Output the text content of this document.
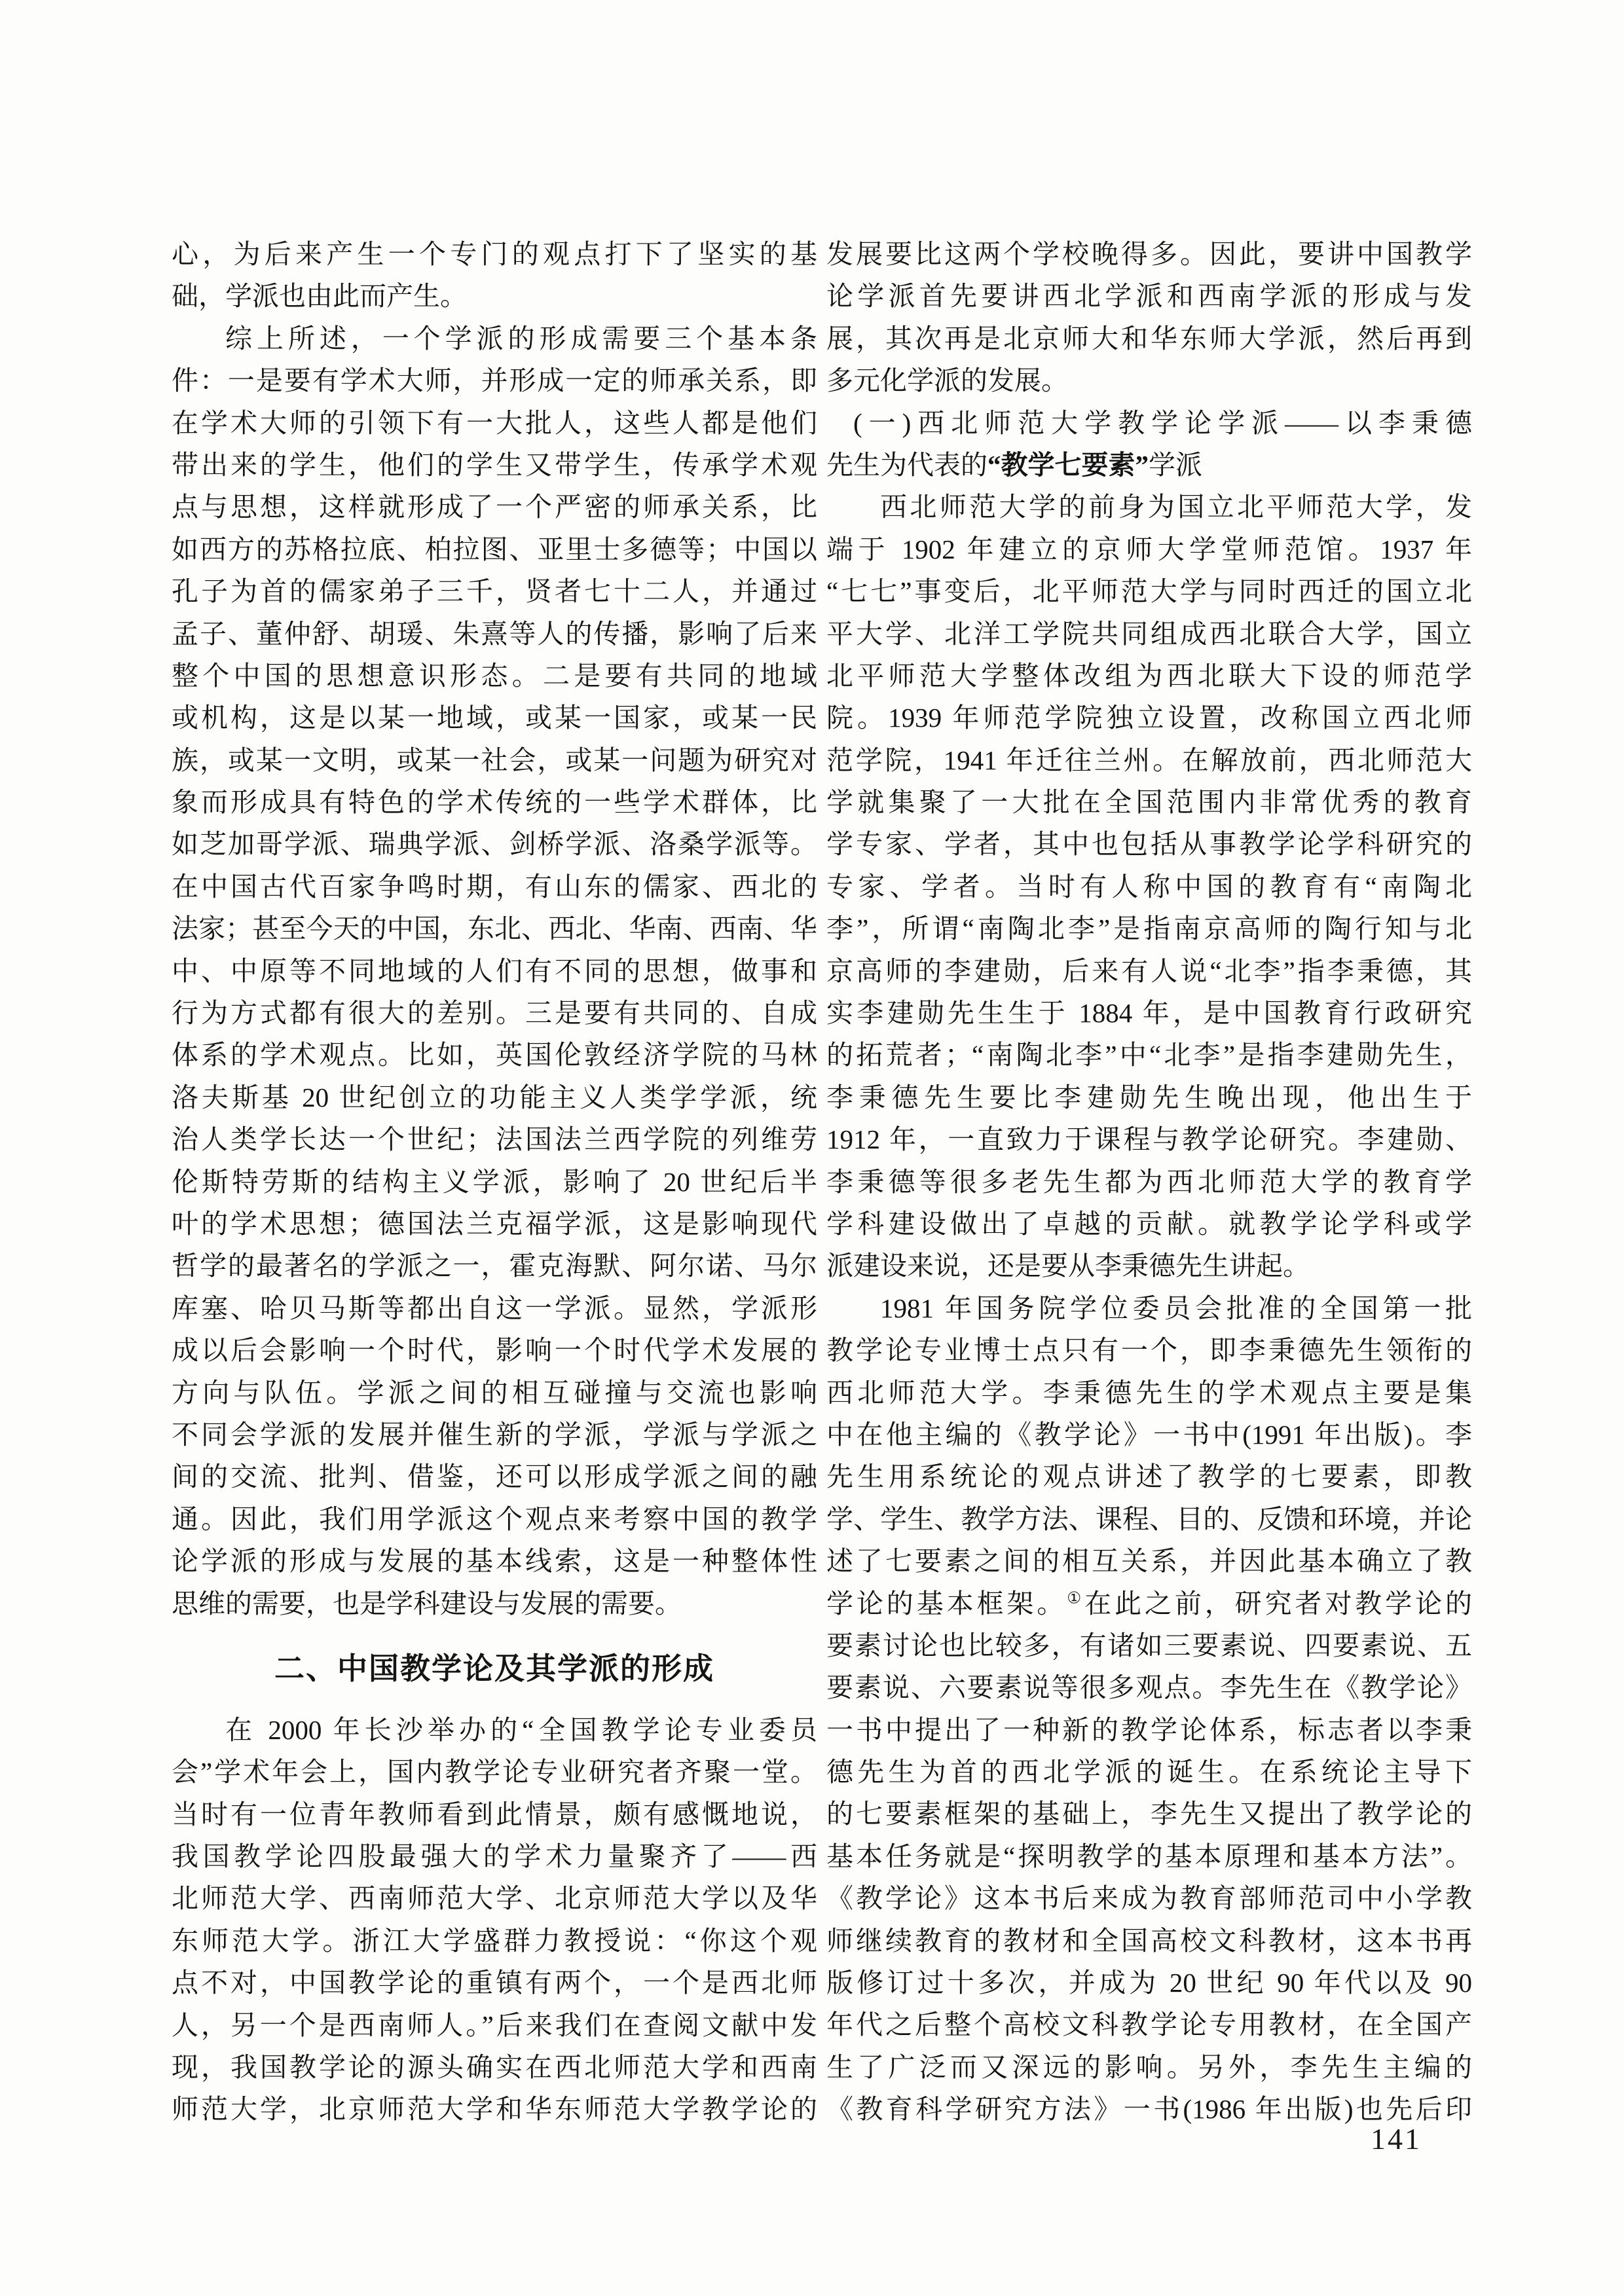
心，为后来产生一个专门的观点打下了坚实的基
础，学派也由此而产生。
综上所述，一个学派的形成需要三个基本条
件：一是要有学术大师，并形成一定的师承关系，即
在学术大师的引领下有一大批人，这些人都是他们
带出来的学生，他们的学生又带学生，传承学术观
点与思想，这样就形成了一个严密的师承关系，比
如西方的苏格拉底、柏拉图、亚里士多德等；中国以
孔子为首的儒家弟子三千，贤者七十二人，并通过
孟子、董仲舒、胡瑗、朱熹等人的传播，影响了后来
整个中国的思想意识形态。二是要有共同的地域
或机构，这是以某一地域，或某一国家，或某一民
族，或某一文明，或某一社会，或某一问题为研究对
象而形成具有特色的学术传统的一些学术群体，比
如芝加哥学派、瑞典学派、剑桥学派、洛桑学派等。
在中国古代百家争鸣时期，有山东的儒家、西北的
法家；甚至今天的中国，东北、西北、华南、西南、华
中、中原等不同地域的人们有不同的思想，做事和
行为方式都有很大的差别。三是要有共同的、自成
体系的学术观点。比如，英国伦敦经济学院的马林
洛夫斯基 20 世纪创立的功能主义人类学学派，统
治人类学长达一个世纪；法国法兰西学院的列维劳
伦斯特劳斯的结构主义学派，影响了 20 世纪后半
叶的学术思想；德国法兰克福学派，这是影响现代
哲学的最著名的学派之一，霍克海默、阿尔诺、马尔
库塞、哈贝马斯等都出自这一学派。显然，学派形
成以后会影响一个时代，影响一个时代学术发展的
方向与队伍。学派之间的相互碰撞与交流也影响
不同会学派的发展并催生新的学派，学派与学派之
间的交流、批判、借鉴，还可以形成学派之间的融
通。因此，我们用学派这个观点来考察中国的教学
论学派的形成与发展的基本线索，这是一种整体性
思维的需要，也是学科建设与发展的需要。
二、中国教学论及其学派的形成
在 2000 年长沙举办的“全国教学论专业委员
会”学术年会上，国内教学论专业研究者齐聚一堂。
当时有一位青年教师看到此情景，颇有感慨地说，
我国教学论四股最强大的学术力量聚齐了——西
北师范大学、西南师范大学、北京师范大学以及华
东师范大学。浙江大学盛群力教授说：“你这个观
点不对，中国教学论的重镇有两个，一个是西北师
人，另一个是西南师人。”后来我们在查阅文献中发
现，我国教学论的源头确实在西北师范大学和西南
师范大学，北京师范大学和华东师范大学教学论的
发展要比这两个学校晚得多。因此，要讲中国教学
论学派首先要讲西北学派和西南学派的形成与发
展，其次再是北京师大和华东师大学派，然后再到
多元化学派的发展。
(一)西北师范大学教学论学派——以李秉德
先生为代表的“教学七要素”学派
西北师范大学的前身为国立北平师范大学，发
端于 1902 年建立的京师大学堂师范馆。1937 年
“七七”事变后，北平师范大学与同时西迁的国立北
平大学、北洋工学院共同组成西北联合大学，国立
北平师范大学整体改组为西北联大下设的师范学
院。1939 年师范学院独立设置，改称国立西北师
范学院，1941 年迁往兰州。在解放前，西北师范大
学就集聚了一大批在全国范围内非常优秀的教育
学专家、学者，其中也包括从事教学论学科研究的
专家、学者。当时有人称中国的教育有“南陶北
李”，所谓“南陶北李”是指南京高师的陶行知与北
京高师的李建勋，后来有人说“北李”指李秉德，其
实李建勋先生生于 1884 年，是中国教育行政研究
的拓荒者；“南陶北李”中“北李”是指李建勋先生，
李秉德先生要比李建勋先生晚出现，他出生于
1912 年，一直致力于课程与教学论研究。李建勋、
李秉德等很多老先生都为西北师范大学的教育学
学科建设做出了卓越的贡献。就教学论学科或学
派建设来说，还是要从李秉德先生讲起。
1981 年国务院学位委员会批准的全国第一批
教学论专业博士点只有一个，即李秉德先生领衔的
西北师范大学。李秉德先生的学术观点主要是集
中在他主编的《教学论》一书中(1991 年出版)。李
先生用系统论的观点讲述了教学的七要素，即教
学、学生、教学方法、课程、目的、反馈和环境，并论
述了七要素之间的相互关系，并因此基本确立了教
学论的基本框架。①在此之前，研究者对教学论的
要素讨论也比较多，有诸如三要素说、四要素说、五
要素说、六要素说等很多观点。李先生在《教学论》
一书中提出了一种新的教学论体系，标志者以李秉
德先生为首的西北学派的诞生。在系统论主导下
的七要素框架的基础上，李先生又提出了教学论的
基本任务就是“探明教学的基本原理和基本方法”。
《教学论》这本书后来成为教育部师范司中小学教
师继续教育的教材和全国高校文科教材，这本书再
版修订过十多次，并成为 20 世纪 90 年代以及 90
年代之后整个高校文科教学论专用教材，在全国产
生了广泛而又深远的影响。另外，李先生主编的
《教育科学研究方法》一书(1986 年出版)也先后印
141
